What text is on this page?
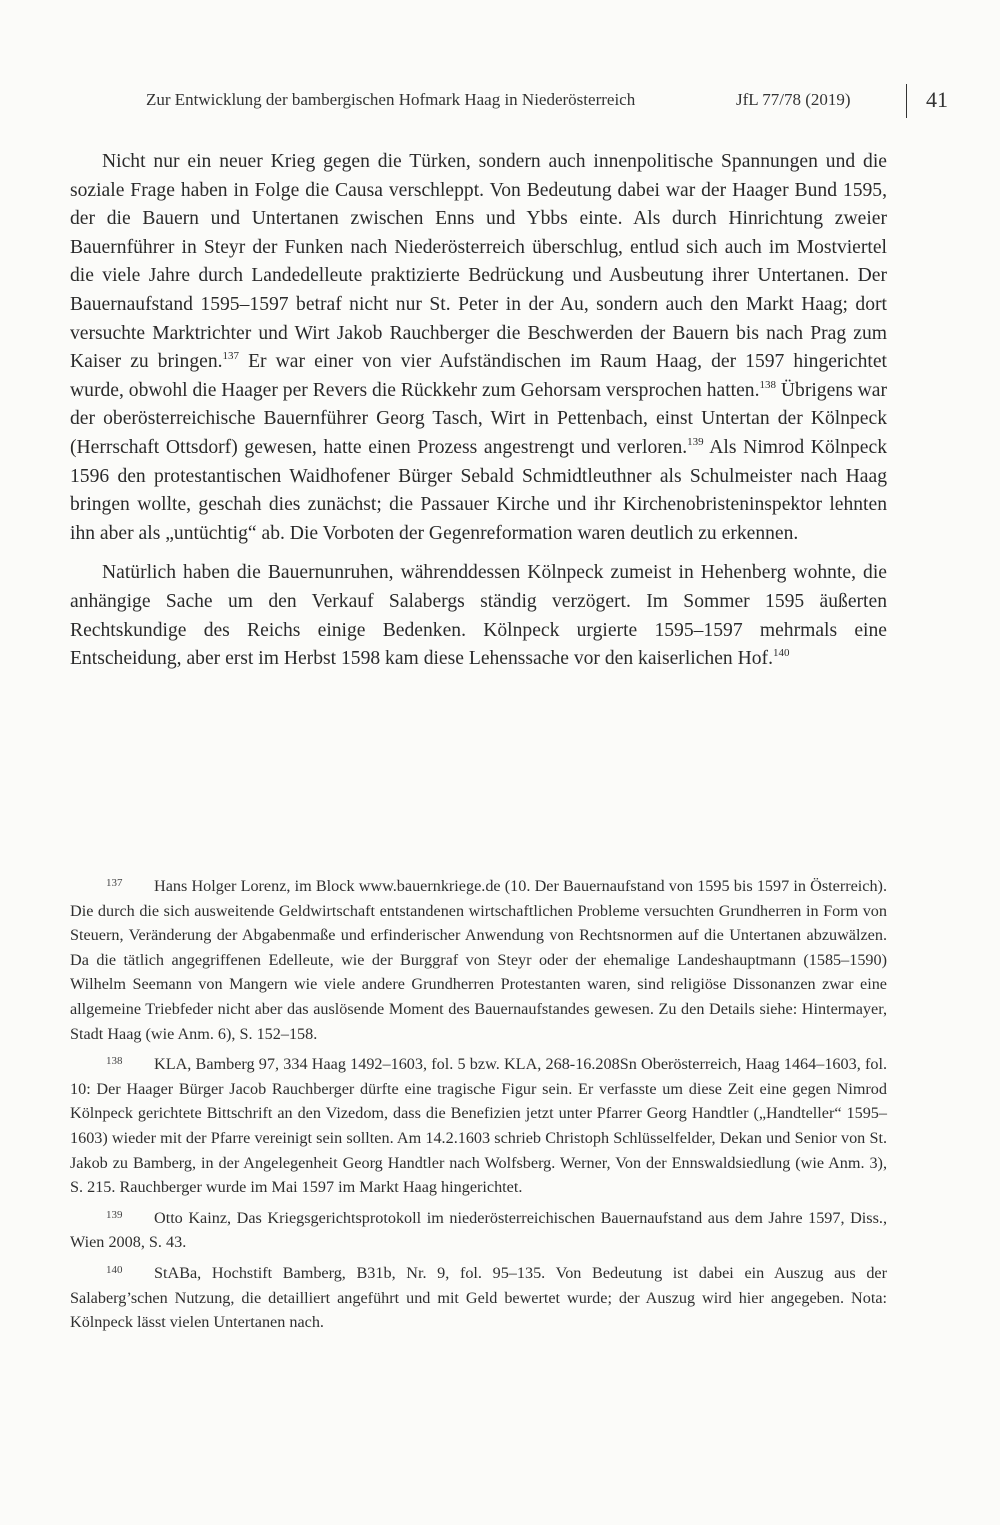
Zur Entwicklung der bambergischen Hofmark Haag in Niederösterreich	JfL 77/78 (2019)	41

Nicht nur ein neuer Krieg gegen die Türken, sondern auch innenpolitische Spannungen und die soziale Frage haben in Folge die Causa verschleppt. Von Bedeutung dabei war der Haager Bund 1595, der die Bauern und Untertanen zwischen Enns und Ybbs einte. Als durch Hinrichtung zweier Bauernführer in Steyr der Funken nach Niederösterreich überschlug, entlud sich auch im Mostviertel die viele Jahre durch Landedelleute praktizierte Bedrückung und Ausbeutung ihrer Untertanen. Der Bauernaufstand 1595–1597 betraf nicht nur St. Peter in der Au, sondern auch den Markt Haag; dort versuchte Marktrichter und Wirt Jakob Rauchberger die Beschwerden der Bauern bis nach Prag zum Kaiser zu bringen.$^{137}$ Er war einer von vier Aufständischen im Raum Haag, der 1597 hingerichtet wurde, obwohl die Haager per Revers die Rückkehr zum Gehorsam versprochen hatten.$^{138}$ Übrigens war der oberösterreichische Bauernführer Georg Tasch, Wirt in Pettenbach, einst Untertan der Kölnpeck (Herrschaft Ottsdorf) gewesen, hatte einen Prozess angestrengt und verloren.$^{139}$ Als Nimrod Kölnpeck 1596 den protestantischen Waidhofener Bürger Sebald Schmidtleuthner als Schulmeister nach Haag bringen wollte, geschah dies zunächst; die Passauer Kirche und ihr Kirchenobristeninspektor lehnten ihn aber als „untüchtig“ ab. Die Vorboten der Gegenreformation waren deutlich zu erkennen.

Natürlich haben die Bauernunruhen, währenddessen Kölnpeck zumeist in Hehenberg wohnte, die anhängige Sache um den Verkauf Salabergs ständig verzögert. Im Sommer 1595 äußerten Rechtskundige des Reichs einige Bedenken. Kölnpeck urgierte 1595–1597 mehrmals eine Entscheidung, aber erst im Herbst 1598 kam diese Lehenssache vor den kaiserlichen Hof.$^{140}$

137 Hans Holger Lorenz, im Block www.bauernkriege.de (10. Der Bauernaufstand von 1595 bis 1597 in Österreich). Die durch die sich ausweitende Geldwirtschaft entstandenen wirtschaftlichen Probleme versuchten Grundherren in Form von Steuern, Veränderung der Abgabenmaße und erfinderischer Anwendung von Rechtsnormen auf die Untertanen abzuwälzen. Da die tätlich angegriffenen Edelleute, wie der Burggraf von Steyr oder der ehemalige Landeshauptmann (1585–1590) Wilhelm Seemann von Mangern wie viele andere Grundherren Protestanten waren, sind religiöse Dissonanzen zwar eine allgemeine Triebfeder nicht aber das auslösende Moment des Bauernaufstandes gewesen. Zu den Details siehe: Hintermayer, Stadt Haag (wie Anm. 6), S. 152–158.

138 KLA, Bamberg 97, 334 Haag 1492–1603, fol. 5 bzw. KLA, 268-16.208Sn Oberösterreich, Haag 1464–1603, fol. 10: Der Haager Bürger Jacob Rauchberger dürfte eine tragische Figur sein. Er verfasste um diese Zeit eine gegen Nimrod Kölnpeck gerichtete Bittschrift an den Vizedom, dass die Benefizien jetzt unter Pfarrer Georg Handtler („Handteller“ 1595–1603) wieder mit der Pfarre vereinigt sein sollten. Am 14.2.1603 schrieb Christoph Schlüsselfelder, Dekan und Senior von St. Jakob zu Bamberg, in der Angelegenheit Georg Handtler nach Wolfsberg. Werner, Von der Ennswaldsiedlung (wie Anm. 3), S. 215. Rauchberger wurde im Mai 1597 im Markt Haag hingerichtet.

139 Otto Kainz, Das Kriegsgerichtsprotokoll im niederösterreichischen Bauernaufstand aus dem Jahre 1597, Diss., Wien 2008, S. 43.

140 StABa, Hochstift Bamberg, B31b, Nr. 9, fol. 95–135. Von Bedeutung ist dabei ein Auszug aus der Salaberg’schen Nutzung, die detailliert angeführt und mit Geld bewertet wurde; der Auszug wird hier angegeben. Nota: Kölnpeck lässt vielen Untertanen nach.
